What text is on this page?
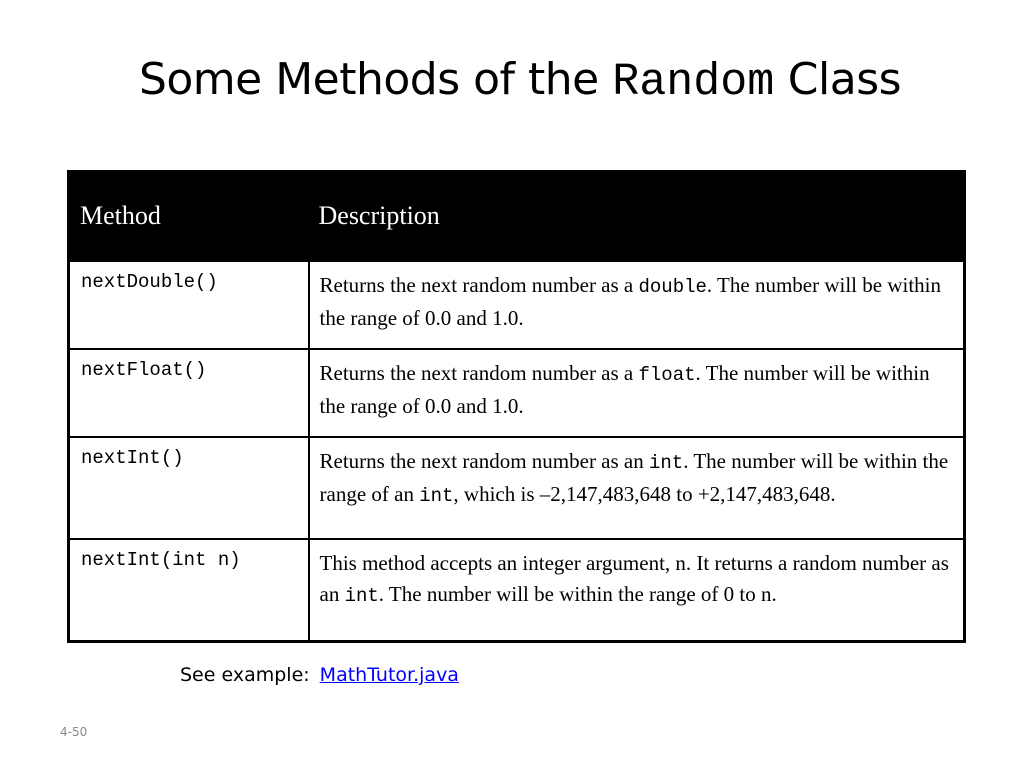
Some Methods of the Random Class
Method	Description
nextDouble()	Returns the next random number as a double. The number will be within the range of 0.0 and 1.0.
nextFloat()	Returns the next random number as a float. The number will be within the range of 0.0 and 1.0.
nextInt()	Returns the next random number as an int. The number will be within the range of an int, which is –2,147,483,648 to +2,147,483,648.
nextInt(int n)	This method accepts an integer argument, n. It returns a random number as an int. The number will be within the range of 0 to n.
See example: MathTutor.java
4-50
